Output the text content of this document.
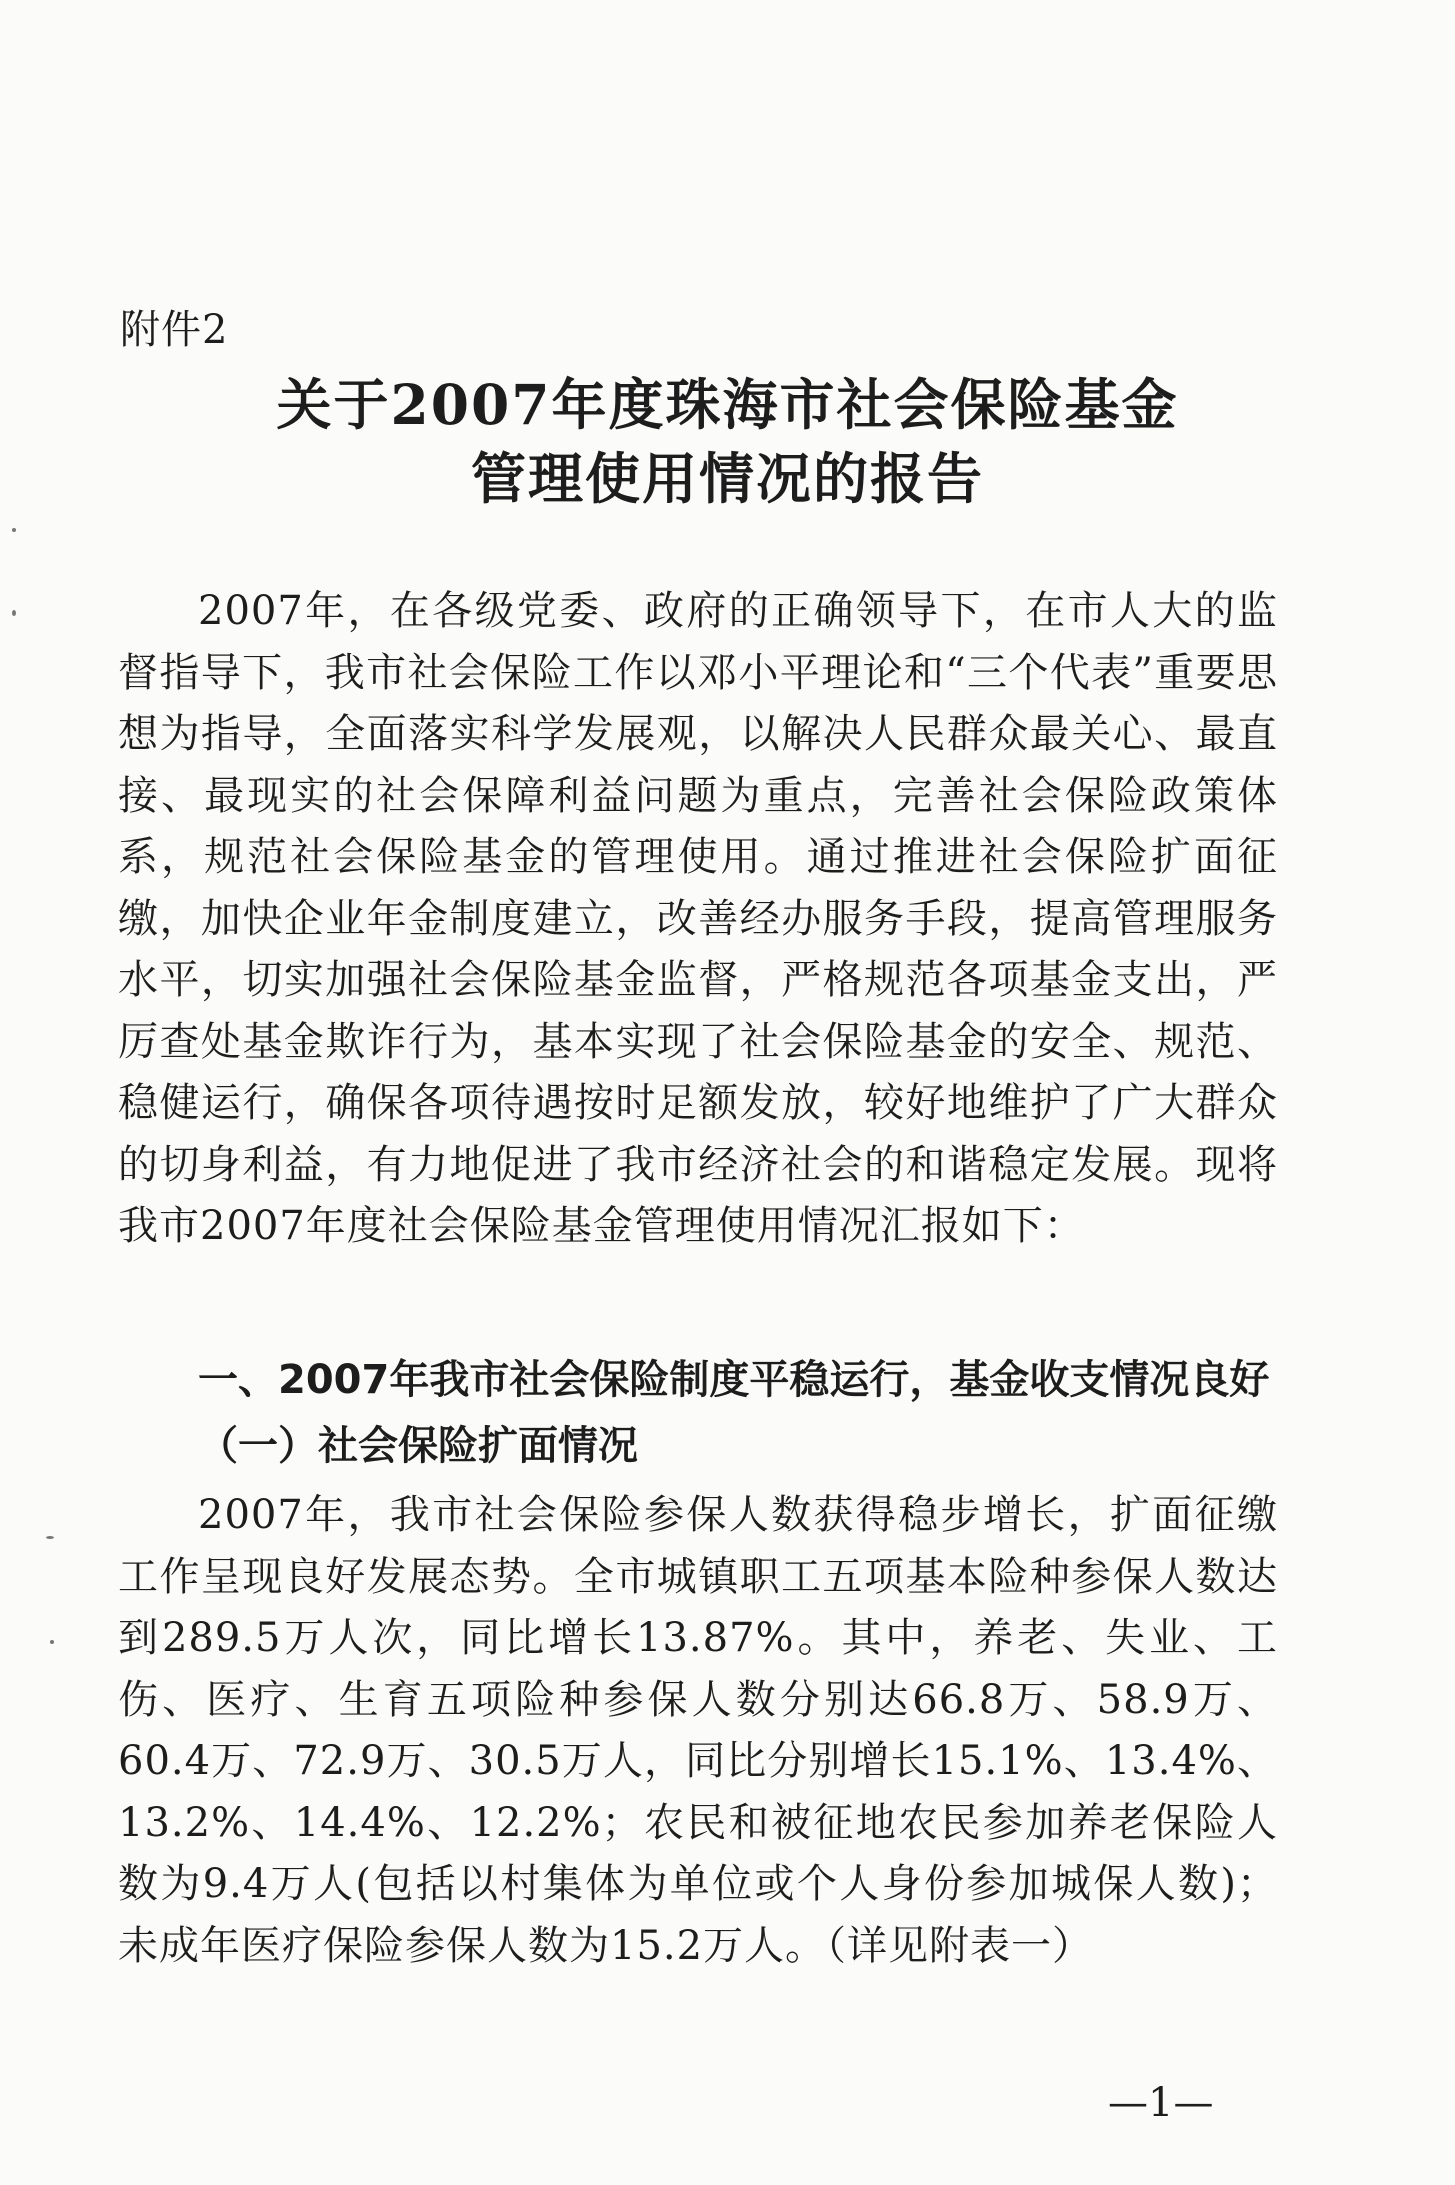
附件2
关于2007年度珠海市社会保险基金
管理使用情况的报告
2007年，在各级党委、政府的正确领导下，在市人大的监督指导下，我市社会保险工作以邓小平理论和“三个代表”重要思想为指导，全面落实科学发展观，以解决人民群众最关心、最直接、最现实的社会保障利益问题为重点，完善社会保险政策体系，规范社会保险基金的管理使用。通过推进社会保险扩面征缴，加快企业年金制度建立，改善经办服务手段，提高管理服务水平，切实加强社会保险基金监督，严格规范各项基金支出，严厉查处基金欺诈行为，基本实现了社会保险基金的安全、规范、稳健运行，确保各项待遇按时足额发放，较好地维护了广大群众的切身利益，有力地促进了我市经济社会的和谐稳定发展。现将我市2007年度社会保险基金管理使用情况汇报如下：
一、2007年我市社会保险制度平稳运行，基金收支情况良好
（一）社会保险扩面情况
2007年，我市社会保险参保人数获得稳步增长，扩面征缴工作呈现良好发展态势。全市城镇职工五项基本险种参保人数达到289.5万人次，同比增长13.87%。其中，养老、失业、工伤、医疗、生育五项险种参保人数分别达66.8万、58.9万、60.4万、72.9万、30.5万人，同比分别增长15.1%、13.4%、13.2%、14.4%、12.2%；农民和被征地农民参加养老保险人数为9.4万人(包括以村集体为单位或个人身份参加城保人数)；未成年医疗保险参保人数为15.2万人。（详见附表一）
—1—
